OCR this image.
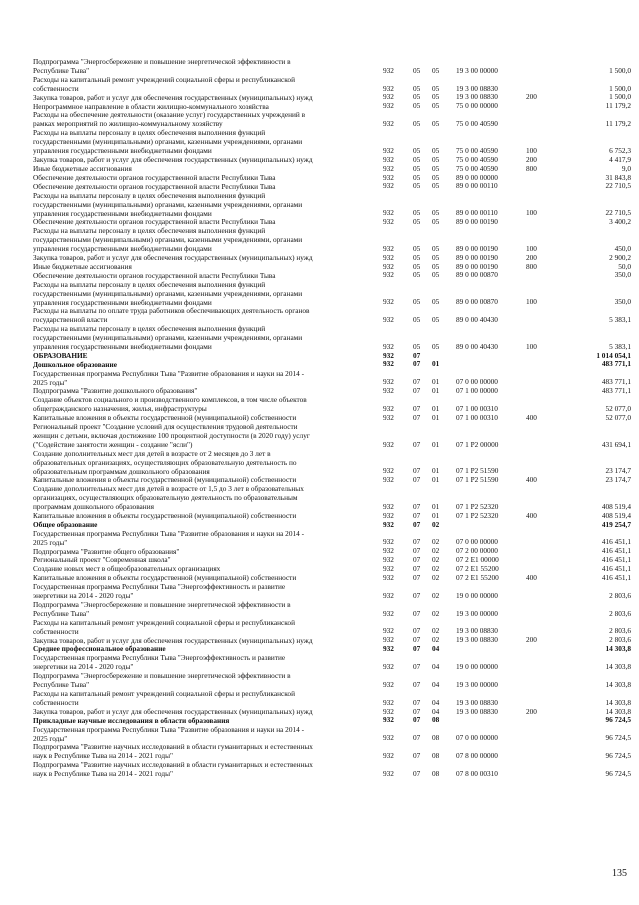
Подпрограмма "Энергосбережение и повышение энергетической эффективности в
Республике Тыва"	932	05 05 19 3 00 00000	1 500,0
Расходы на капитальный ремонт учреждений социальной сферы и республиканской
собственности	932	05 05 19 3 00 08830	1 500,0
Закупка товаров, работ и услуг для обеспечения государственных (муниципальных) нужд	932	05 05 19 3 00 08830	200	1 500,0
Непрограммное направление в области жилищно-коммунального хозяйства	932	05 05 75 0 00 00000	11 179,2
Расходы на обеспечение деятельности (оказание услуг) государственных учреждений в
рамках мероприятий по жилищно-коммунальному хозяйству	932	05 05 75 0 00 40590	11 179,2
Расходы на выплаты персоналу в целях обеспечения выполнения функций
государственными (муниципальными) органами, казенными учреждениями, органами
управления государственными внебюджетными фондами	932	05 05 75 0 00 40590	100	6 752,3
Закупка товаров, работ и услуг для обеспечения государственных (муниципальных) нужд	932	05 05 75 0 00 40590	200	4 417,9
Иные бюджетные ассигнования	932	05 05 75 0 00 40590	800	9,0
Обеспечение деятельности органов государственной власти Республики Тыва	932	05 05 89 0 00 00000	31 843,8
Обеспечение деятельности органов государственной власти Республики Тыва	932	05 05 89 0 00 00110	22 710,5
Расходы на выплаты персоналу в целях обеспечения выполнения функций
государственными (муниципальными) органами, казенными учреждениями, органами
управления государственными внебюджетными фондами	932	05 05 89 0 00 00110	100	22 710,5
Обеспечение деятельности органов государственной власти Республики Тыва	932	05 05 89 0 00 00190	3 400,2
Расходы на выплаты персоналу в целях обеспечения выполнения функций
государственными (муниципальными) органами, казенными учреждениями, органами
управления государственными внебюджетными фондами	932	05 05 89 0 00 00190	100	450,0
Закупка товаров, работ и услуг для обеспечения государственных (муниципальных) нужд	932	05 05 89 0 00 00190	200	2 900,2
Иные бюджетные ассигнования	932	05 05 89 0 00 00190	800	50,0
Обеспечение деятельности органов государственной власти Республики Тыва	932	05 05 89 0 00 00870	350,0
Расходы на выплаты персоналу в целях обеспечения выполнения функций
государственными (муниципальными) органами, казенными учреждениями, органами
управления государственными внебюджетными фондами	932	05 05 89 0 00 00870	100	350,0
Расходы на выплаты по оплате труда работников обеспечивающих деятельность органов
государственной власти	932	05 05 89 0 00 40430	5 383,1
Расходы на выплаты персоналу в целях обеспечения выполнения функций
государственными (муниципальными) органами, казенными учреждениями, органами
управления государственными внебюджетными фондами	932	05 05 89 0 00 40430	100	5 383,1
ОБРАЗОВАНИЕ	932	07	1 014 054,1
Дошкольное образование	932	07 01	483 771,1
Государственная программа Республики Тыва "Развитие образования и науки на 2014 -
2025 годы"	932	07 01 07 0 00 00000	483 771,1
Подпрограмма "Развитие дошкольного образования"	932	07 01 07 1 00 00000	483 771,1
Создание объектов социального и производственного комплексов, в том числе объектов
общегражданского назначения, жилья, инфраструктуры	932	07 01 07 1 00 00310	52 077,0
Капитальные вложения в объекты государственной (муниципальной) собственности	932	07 01 07 1 00 00310	400	52 077,0
Региональный проект "Создание условий для осуществления трудовой деятельности
женщин с детьми, включая достижение 100 процентной доступности (в 2020 году) услуг
("Содействие занятости женщин - создание "ясли")	932	07 01 07 1 P2 00000	431 694,1
Создание дополнительных мест для детей в возрасте от 2 месяцев до 3 лет в
образовательных организациях, осуществляющих образовательную деятельность по
образовательным программам дошкольного образования	932	07 01 07 1 P2 51590	23 174,7
Капитальные вложения в объекты государственной (муниципальной) собственности	932	07 01 07 1 P2 51590	400	23 174,7
Создание дополнительных мест для детей в возрасте от 1,5 до 3 лет в образовательных
организациях, осуществляющих образовательную деятельность по образовательным
программам дошкольного образования	932	07 01 07 1 P2 52320	408 519,4
Капитальные вложения в объекты государственной (муниципальной) собственности	932	07 01 07 1 P2 52320	400	408 519,4
Общее образование	932	07 02	419 254,7
Государственная программа Республики Тыва "Развитие образования и науки на 2014 -
2025 годы"	932	07 02 07 0 00 00000	416 451,1
Подпрограмма "Развитие общего образования"	932	07 02 07 2 00 00000	416 451,1
Региональный проект "Современная школа"	932	07 02 07 2 E1 00000	416 451,1
Создание новых мест в общеобразовательных организациях	932	07 02 07 2 E1 55200	416 451,1
Капитальные вложения в объекты государственной (муниципальной) собственности	932	07 02 07 2 E1 55200	400	416 451,1
Государственная программа Республики Тыва "Энергоэффективность и развитие
энергетики на 2014 - 2020 годы"	932	07 02 19 0 00 00000	2 803,6
Подпрограмма "Энергосбережение и повышение энергетической эффективности в
Республике Тыва"	932	07 02 19 3 00 00000	2 803,6
Расходы на капитальный ремонт учреждений социальной сферы и республиканской
собственности	932	07 02 19 3 00 08830	2 803,6
Закупка товаров, работ и услуг для обеспечения государственных (муниципальных) нужд	932	07 02 19 3 00 08830	200	2 803,6
Среднее профессиональное образование	932	07 04	14 303,8
Государственная программа Республики Тыва "Энергоэффективность и развитие
энергетики на 2014 - 2020 годы"	932	07 04 19 0 00 00000	14 303,8
Подпрограмма "Энергосбережение и повышение энергетической эффективности в
Республике Тыва"	932	07 04 19 3 00 00000	14 303,8
Расходы на капитальный ремонт учреждений социальной сферы и республиканской
собственности	932	07 04 19 3 00 08830	14 303,8
Закупка товаров, работ и услуг для обеспечения государственных (муниципальных) нужд	932	07 04 19 3 00 08830	200	14 303,8
Прикладные научные исследования в области образования	932	07 08	96 724,5
Государственная программа Республики Тыва "Развитие образования и науки на 2014 -
2025 годы"	932	07 08 07 0 00 00000	96 724,5
Подпрограмма "Развитие научных исследований в области гуманитарных и естественных
наук в Республике Тыва на 2014 - 2021 годы"	932	07 08 07 8 00 00000	96 724,5
Подпрограмма "Развитие научных исследований в области гуманитарных и естественных
наук в Республике Тыва на 2014 - 2021 годы"	932	07 08 07 8 00 00310	96 724,5
135
